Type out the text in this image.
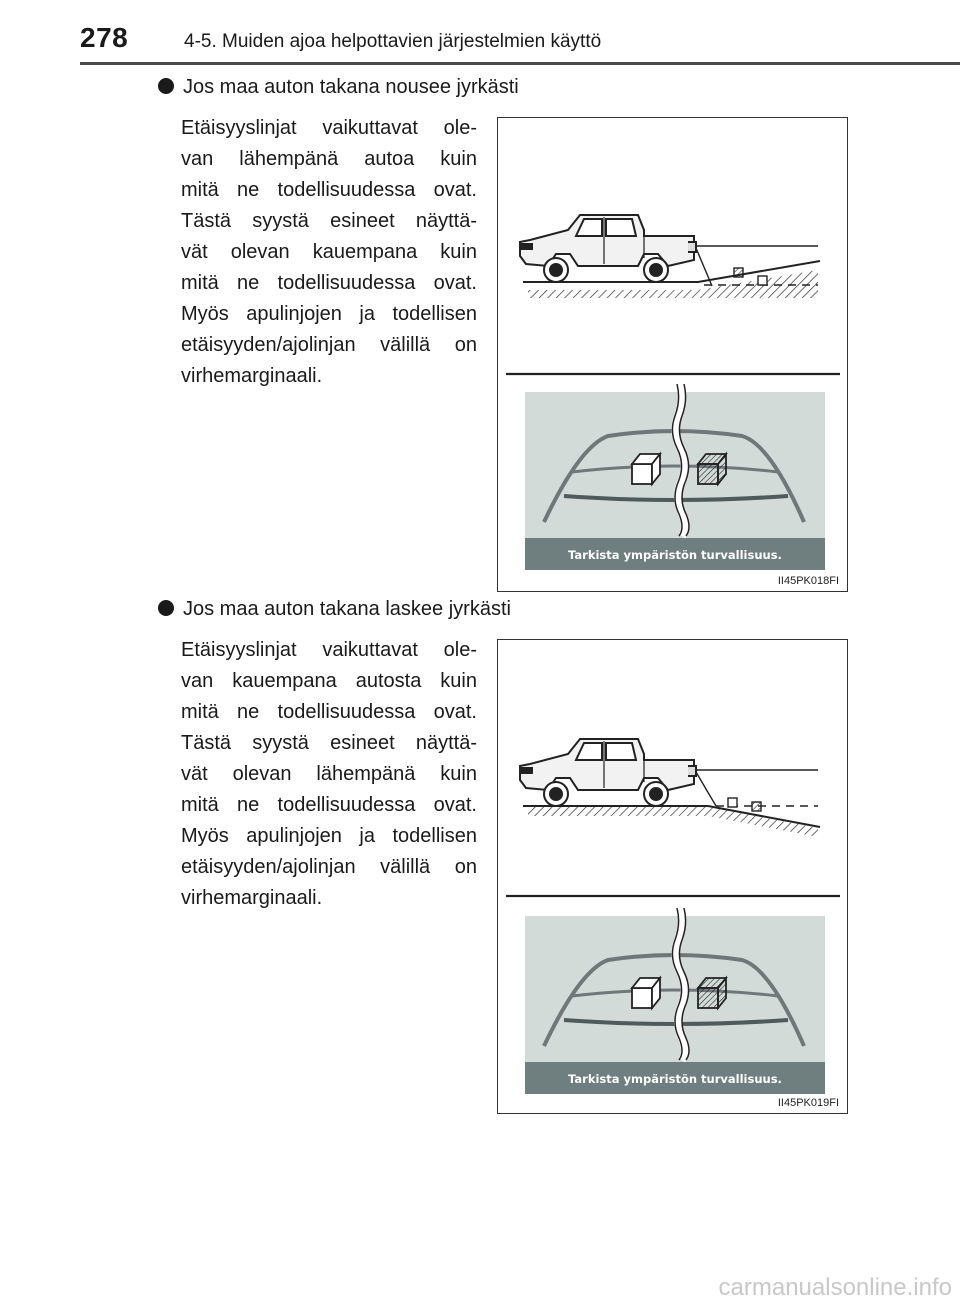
278	4-5. Muiden ajoa helpottavien järjestelmien käyttö
Jos maa auton takana nousee jyrkästi
Etäisyyslinjat vaikuttavat ole-
van lähempänä autoa kuin
mitä ne todellisuudessa ovat.
Tästä syystä esineet näyttä-
vät olevan kauempana kuin
mitä ne todellisuudessa ovat.
Myös apulinjojen ja todellisen
etäisyyden/ajolinjan välillä on
virhemarginaali.
Tarkista ympäristön turvallisuus.
II45PK018FI
Jos maa auton takana laskee jyrkästi
Etäisyyslinjat vaikuttavat ole-
van kauempana autosta kuin
mitä ne todellisuudessa ovat.
Tästä syystä esineet näyttä-
vät olevan lähempänä kuin
mitä ne todellisuudessa ovat.
Myös apulinjojen ja todellisen
etäisyyden/ajolinjan välillä on
virhemarginaali.
Tarkista ympäristön turvallisuus.
II45PK019FI
carmanualsonline.info
